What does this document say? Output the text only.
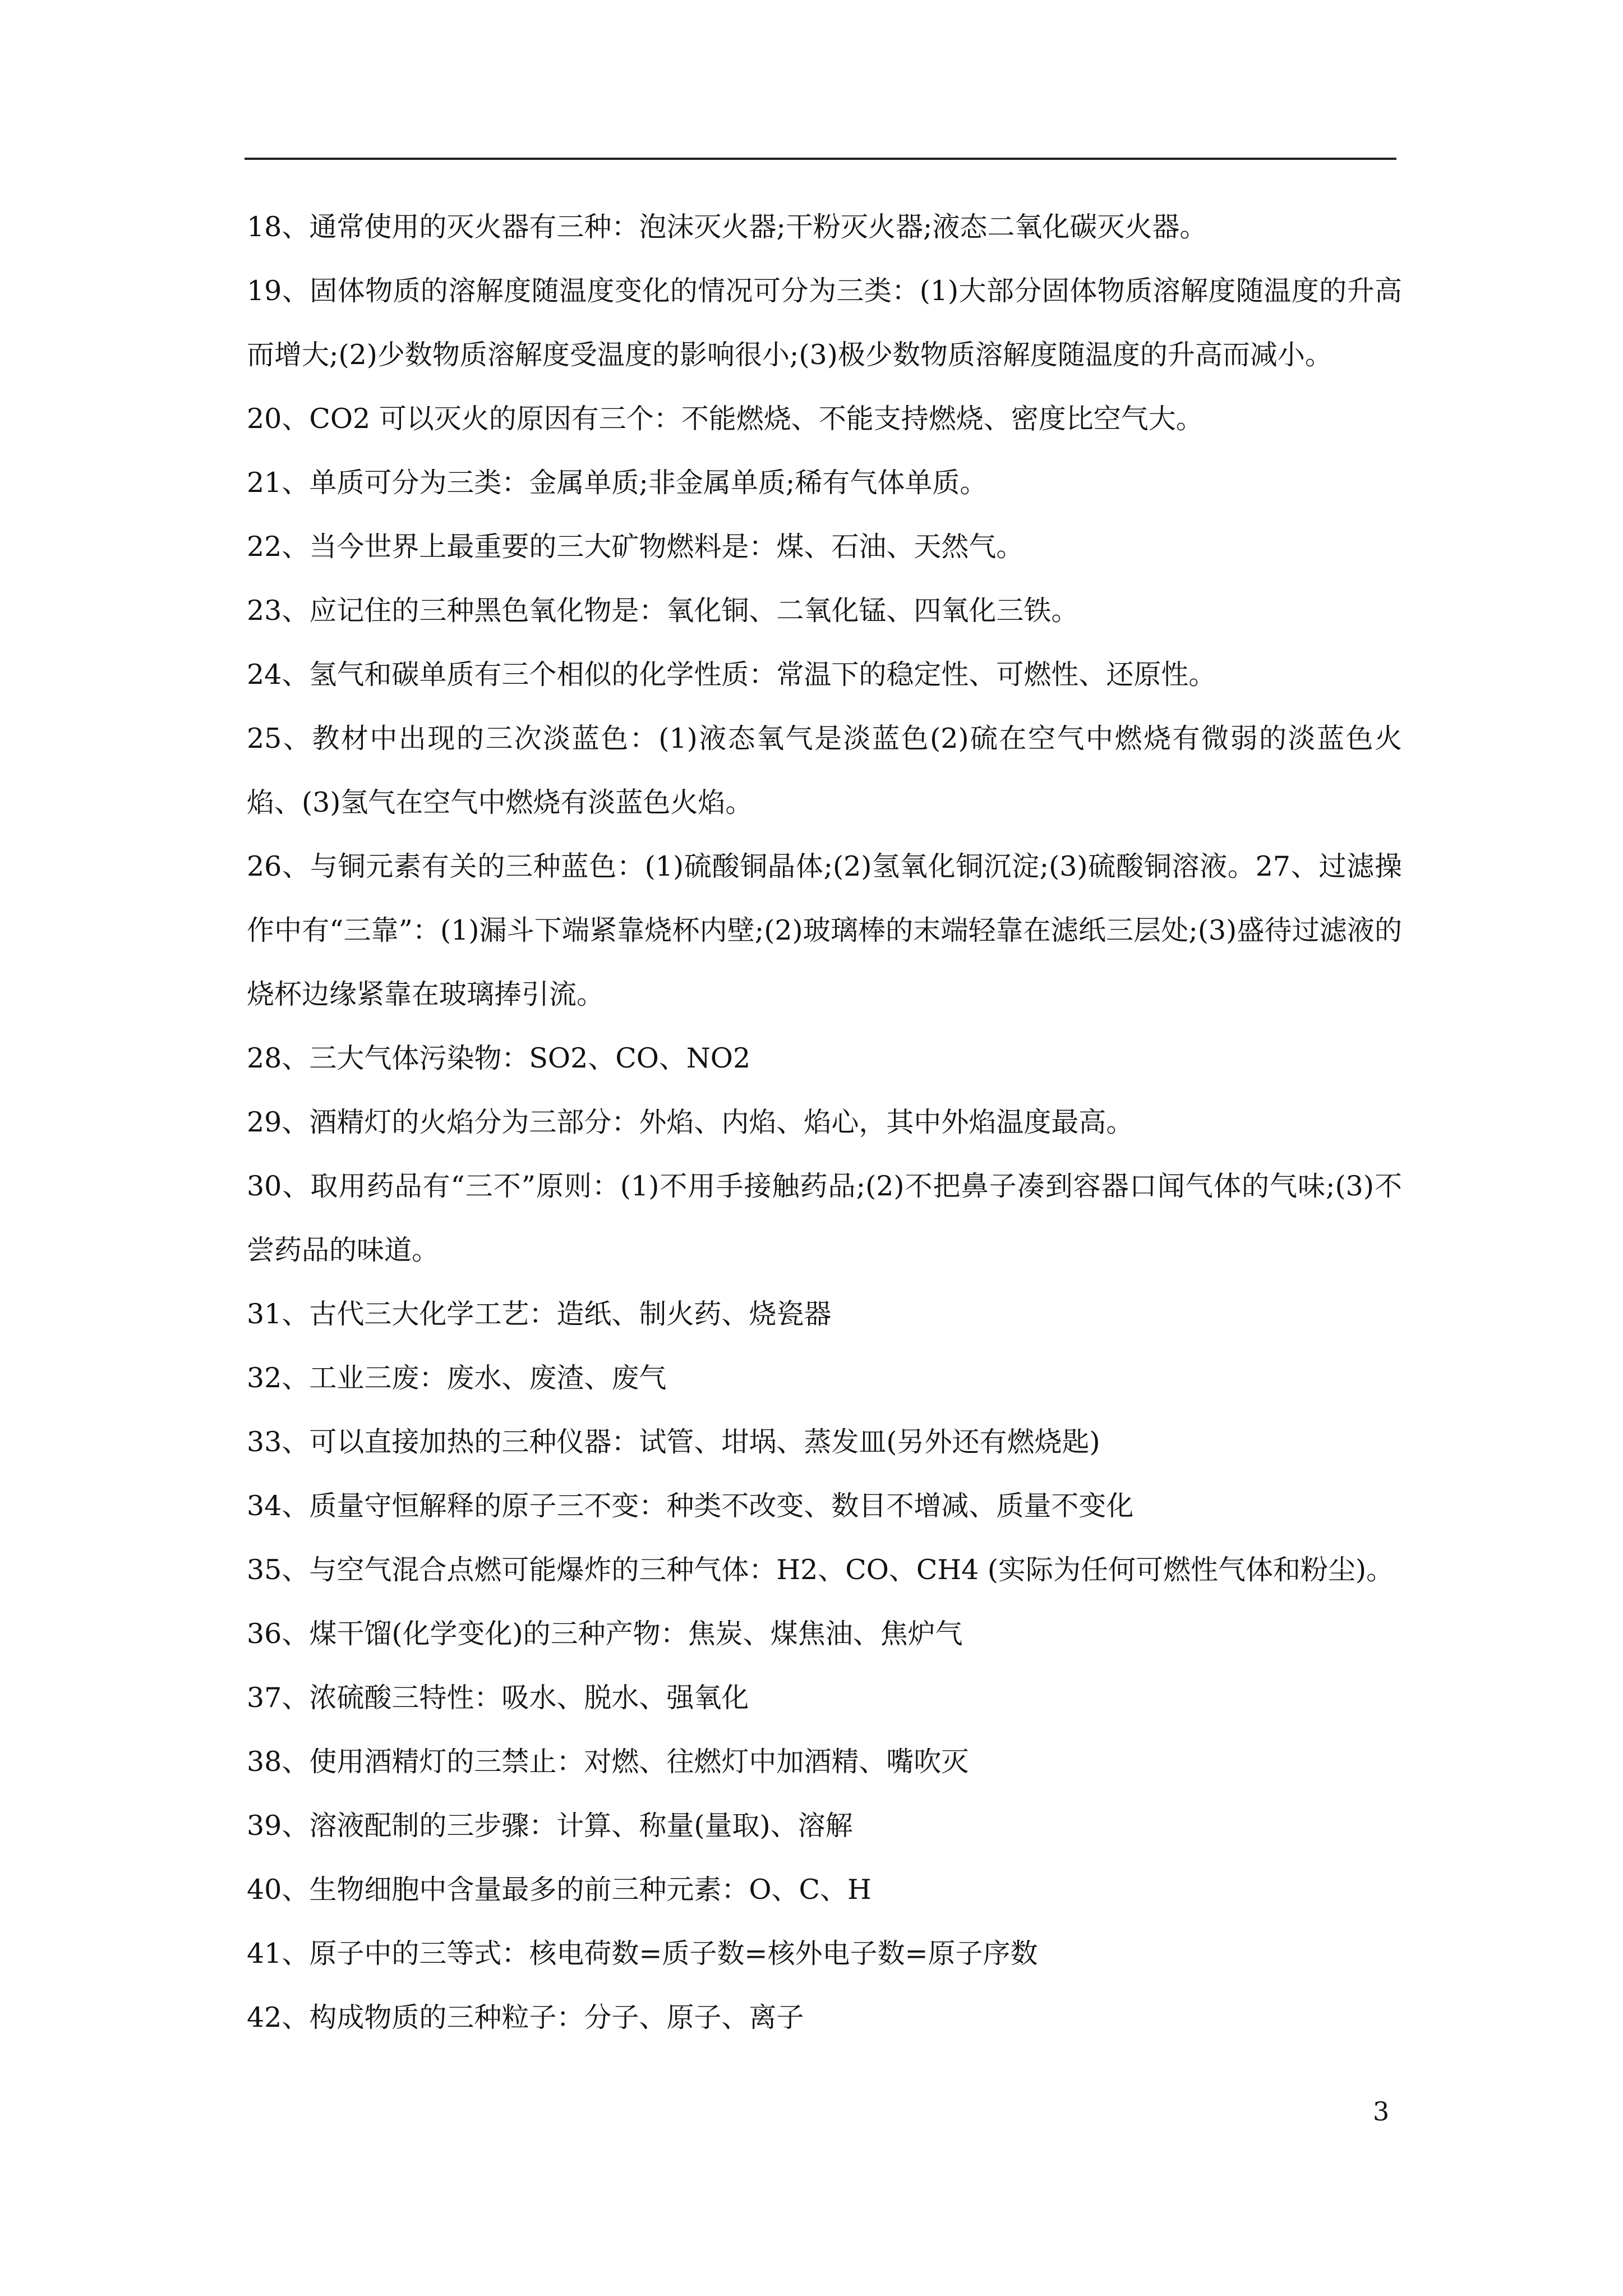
18、通常使用的灭火器有三种：泡沫灭火器;干粉灭火器;液态二氧化碳灭火器。

19、固体物质的溶解度随温度变化的情况可分为三类：(1)大部分固体物质溶解度随温度的升高而增大;(2)少数物质溶解度受温度的影响很小;(3)极少数物质溶解度随温度的升高而减小。

20、CO2 可以灭火的原因有三个：不能燃烧、不能支持燃烧、密度比空气大。

21、单质可分为三类：金属单质;非金属单质;稀有气体单质。

22、当今世界上最重要的三大矿物燃料是：煤、石油、天然气。

23、应记住的三种黑色氧化物是：氧化铜、二氧化锰、四氧化三铁。

24、氢气和碳单质有三个相似的化学性质：常温下的稳定性、可燃性、还原性。

25、教材中出现的三次淡蓝色：(1)液态氧气是淡蓝色(2)硫在空气中燃烧有微弱的淡蓝色火焰、(3)氢气在空气中燃烧有淡蓝色火焰。

26、与铜元素有关的三种蓝色：(1)硫酸铜晶体;(2)氢氧化铜沉淀;(3)硫酸铜溶液。27、过滤操作中有“三靠”：(1)漏斗下端紧靠烧杯内壁;(2)玻璃棒的末端轻靠在滤纸三层处;(3)盛待过滤液的烧杯边缘紧靠在玻璃捧引流。

28、三大气体污染物：SO2、CO、NO2

29、酒精灯的火焰分为三部分：外焰、内焰、焰心，其中外焰温度最高。

30、取用药品有“三不”原则：(1)不用手接触药品;(2)不把鼻子凑到容器口闻气体的气味;(3)不尝药品的味道。

31、古代三大化学工艺：造纸、制火药、烧瓷器

32、工业三废：废水、废渣、废气

33、可以直接加热的三种仪器：试管、坩埚、蒸发皿(另外还有燃烧匙)

34、质量守恒解释的原子三不变：种类不改变、数目不增减、质量不变化

35、与空气混合点燃可能爆炸的三种气体：H2、CO、CH4 (实际为任何可燃性气体和粉尘)。

36、煤干馏(化学变化)的三种产物：焦炭、煤焦油、焦炉气

37、浓硫酸三特性：吸水、脱水、强氧化

38、使用酒精灯的三禁止：对燃、往燃灯中加酒精、嘴吹灭

39、溶液配制的三步骤：计算、称量(量取)、溶解

40、生物细胞中含量最多的前三种元素：O、C、H

41、原子中的三等式：核电荷数=质子数=核外电子数=原子序数

42、构成物质的三种粒子：分子、原子、离子

3
